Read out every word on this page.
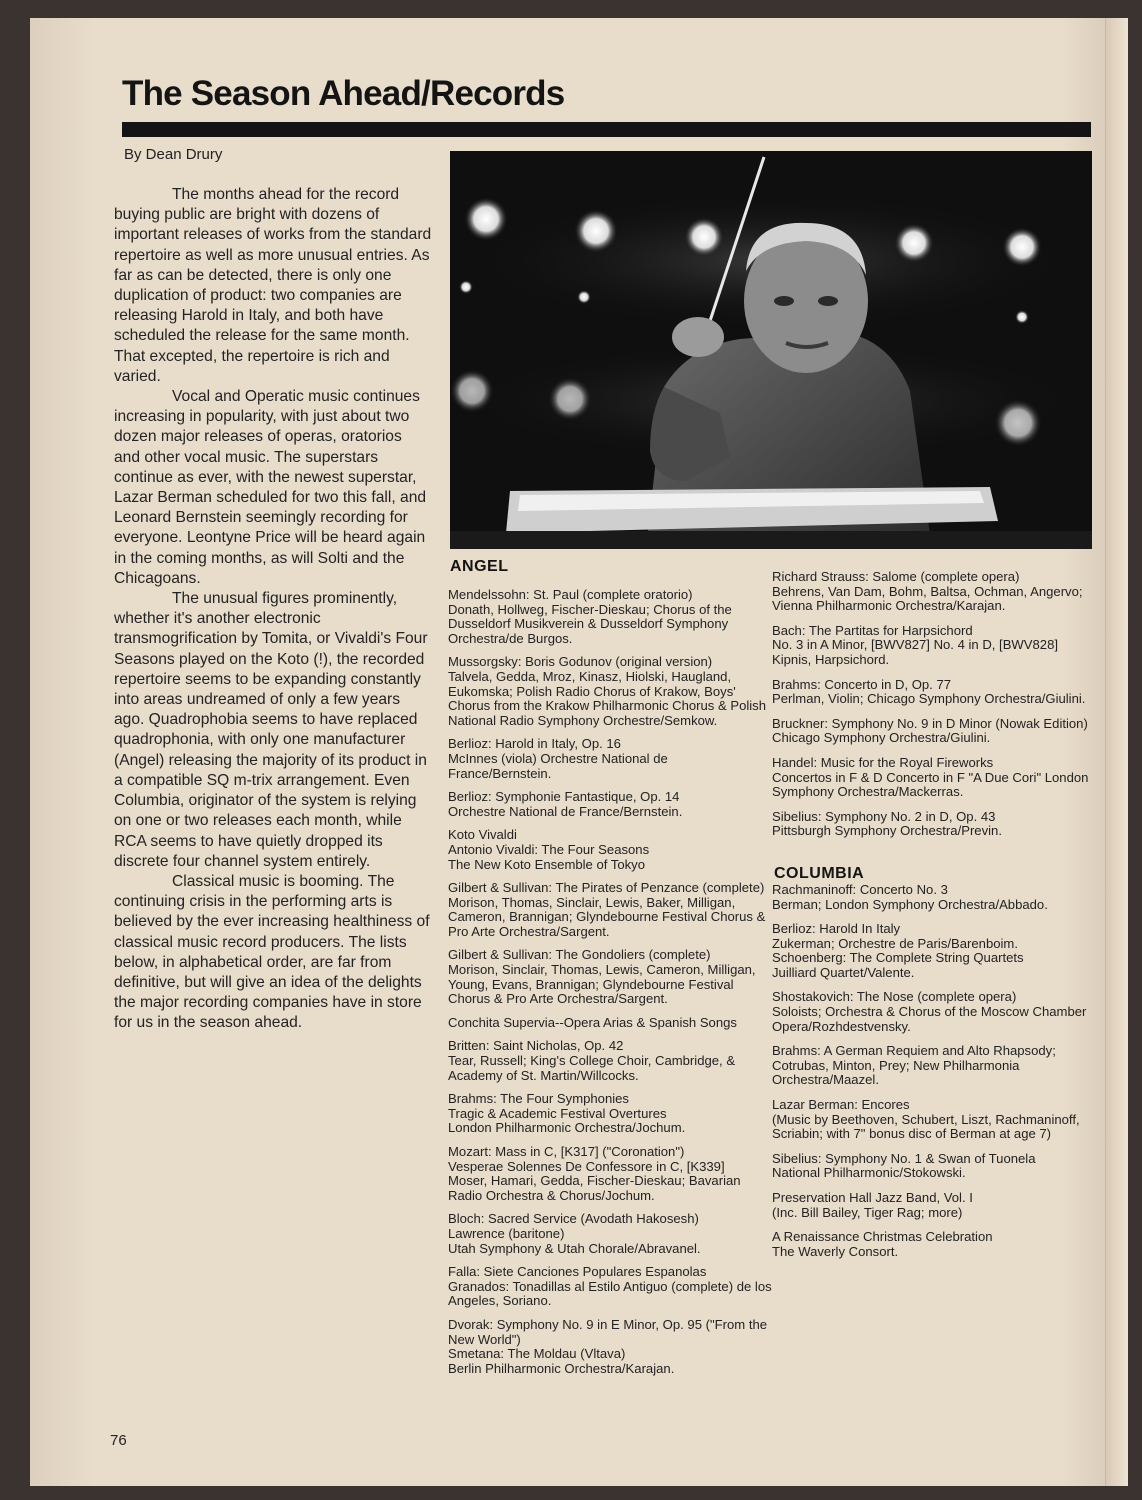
The Season Ahead/Records
By Dean Drury

The months ahead for the record buying public are bright with dozens of important releases of works from the standard repertoire as well as more unusual entries. As far as can be detected, there is only one duplication of product: two companies are releasing Harold in Italy, and both have scheduled the release for the same month. That excepted, the repertoire is rich and varied.

Vocal and Operatic music continues increasing in popularity, with just about two dozen major releases of operas, oratorios and other vocal music. The superstars continue as ever, with the newest superstar, Lazar Berman scheduled for two this fall, and Leonard Bernstein seemingly recording for everyone. Leontyne Price will be heard again in the coming months, as will Solti and the Chicagoans.

The unusual figures prominently, whether it's another electronic transmogrification by Tomita, or Vivaldi's Four Seasons played on the Koto (!), the recorded repertoire seems to be expanding constantly into areas undreamed of only a few years ago. Quadrophobia seems to have replaced quadrophonia, with only one manufacturer (Angel) releasing the majority of its product in a compatible SQ m-trix arrangement. Even Columbia, originator of the system is relying on one or two releases each month, while RCA seems to have quietly dropped its discrete four channel system entirely.

Classical music is booming. The continuing crisis in the performing arts is believed by the ever increasing healthiness of classical music record producers. The lists below, in alphabetical order, are far from definitive, but will give an idea of the delights the major recording companies have in store for us in the season ahead.

ANGEL
Mendelssohn: St. Paul (complete oratorio)
Donath, Hollweg, Fischer-Dieskau; Chorus of the Dusseldorf Musikverein & Dusseldorf Symphony Orchestra/de Burgos.
Mussorgsky: Boris Godunov (original version)
Talvela, Gedda, Mroz, Kinasz, Hiolski, Haugland, Eukomska; Polish Radio Chorus of Krakow, Boys' Chorus from the Krakow Philharmonic Chorus & Polish National Radio Symphony Orchestre/Semkow.
Berlioz: Harold in Italy, Op. 16
McInnes (viola) Orchestre National de France/Bernstein.
Berlioz: Symphonie Fantastique, Op. 14
Orchestre National de France/Bernstein.
Koto Vivaldi
Antonio Vivaldi: The Four Seasons
The New Koto Ensemble of Tokyo
Gilbert & Sullivan: The Pirates of Penzance (complete) Morison, Thomas, Sinclair, Lewis, Baker, Milligan, Cameron, Brannigan; Glyndebourne Festival Chorus & Pro Arte Orchestra/Sargent.
Gilbert & Sullivan: The Gondoliers (complete)
Morison, Sinclair, Thomas, Lewis, Cameron, Milligan, Young, Evans, Brannigan; Glyndebourne Festival Chorus & Pro Arte Orchestra/Sargent.
Conchita Supervia--Opera Arias & Spanish Songs
Britten: Saint Nicholas, Op. 42
Tear, Russell; King's College Choir, Cambridge, & Academy of St. Martin/Willcocks.
Brahms: The Four Symphonies
Tragic & Academic Festival Overtures
London Philharmonic Orchestra/Jochum.
Mozart: Mass in C, [K317] ("Coronation")
Vesperae Solennes De Confessore in C, [K339]
Moser, Hamari, Gedda, Fischer-Dieskau; Bavarian Radio Orchestra & Chorus/Jochum.
Bloch: Sacred Service (Avodath Hakosesh)
Lawrence (baritone)
Utah Symphony & Utah Chorale/Abravanel.
Falla: Siete Canciones Populares Espanolas
Granados: Tonadillas al Estilo Antiguo (complete) de los Angeles, Soriano.
Dvorak: Symphony No. 9 in E Minor, Op. 95 ("From the New World")
Smetana: The Moldau (Vltava)
Berlin Philharmonic Orchestra/Karajan.
Richard Strauss: Salome (complete opera)
Behrens, Van Dam, Bohm, Baltsa, Ochman, Angervo; Vienna Philharmonic Orchestra/Karajan.
Bach: The Partitas for Harpsichord
No. 3 in A Minor, [BWV827] No. 4 in D, [BWV828] Kipnis, Harpsichord.
Brahms: Concerto in D, Op. 77
Perlman, Violin; Chicago Symphony Orchestra/Giulini.
Bruckner: Symphony No. 9 in D Minor (Nowak Edition) Chicago Symphony Orchestra/Giulini.
Handel: Music for the Royal Fireworks
Concertos in F & D Concerto in F "A Due Cori" London Symphony Orchestra/Mackerras.
Sibelius: Symphony No. 2 in D, Op. 43
Pittsburgh Symphony Orchestra/Previn.
COLUMBIA
Rachmaninoff: Concerto No. 3
Berman; London Symphony Orchestra/Abbado.
Berlioz: Harold In Italy
Zukerman; Orchestre de Paris/Barenboim.
Schoenberg: The Complete String Quartets
Juilliard Quartet/Valente.
Shostakovich: The Nose (complete opera)
Soloists; Orchestra & Chorus of the Moscow Chamber Opera/Rozhdestvensky.
Brahms: A German Requiem and Alto Rhapsody; Cotrubas, Minton, Prey; New Philharmonia Orchestra/Maazel.
Lazar Berman: Encores
(Music by Beethoven, Schubert, Liszt, Rachmaninoff, Scriabin; with 7" bonus disc of Berman at age 7)
Sibelius: Symphony No. 1 & Swan of Tuonela
National Philharmonic/Stokowski.
Preservation Hall Jazz Band, Vol. I
(Inc. Bill Bailey, Tiger Rag; more)
A Renaissance Christmas Celebration
The Waverly Consort.
76
